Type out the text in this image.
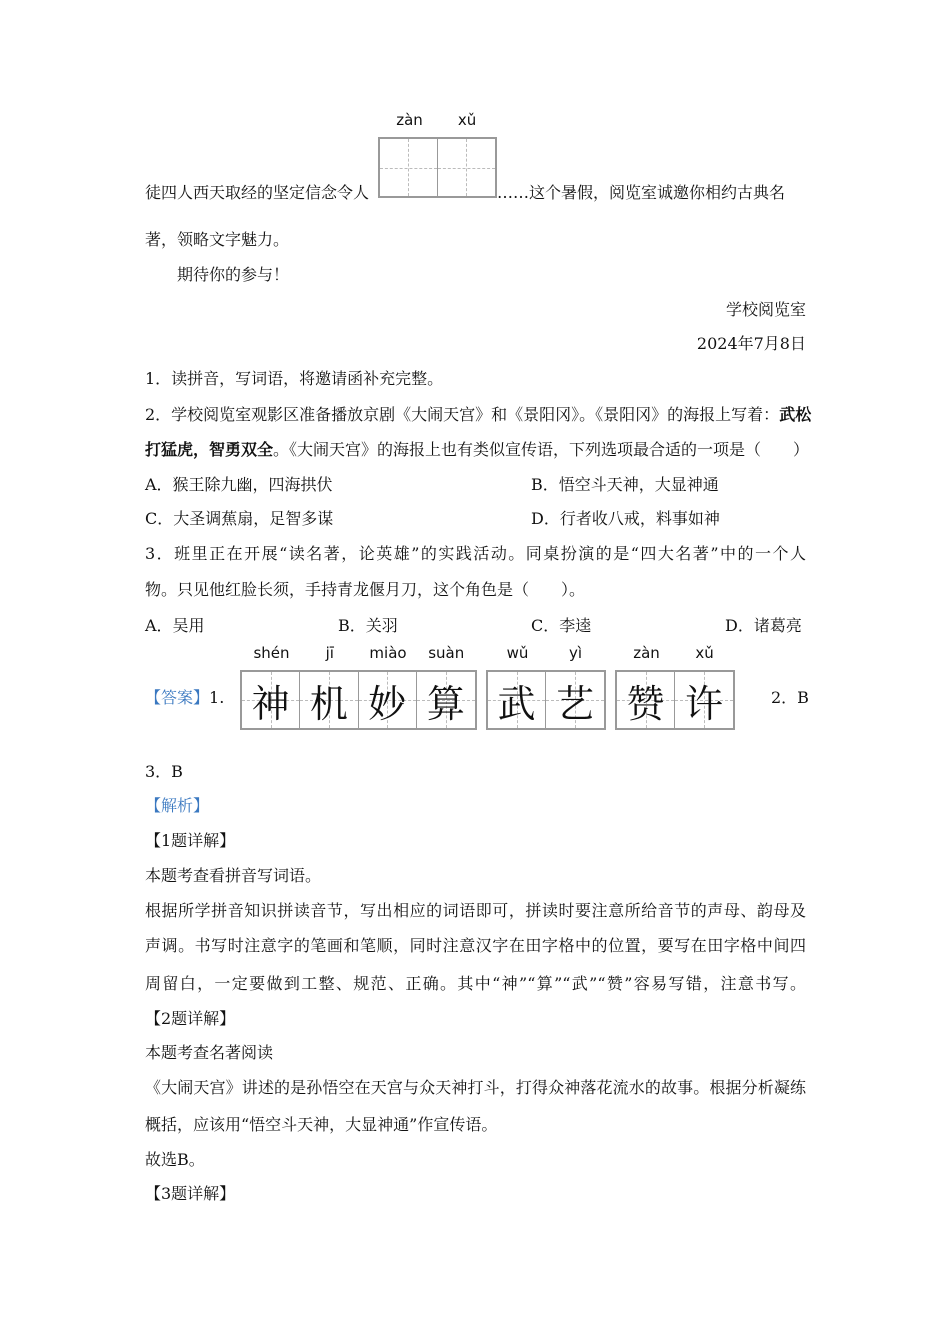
徒四人西天取经的坚定信念令人
zàn	xǔ
……这个暑假，阅览室诚邀你相约古典名
著，领略文字魅力。
期待你的参与！
学校阅览室
2024年7月8日
1．读拼音，写词语，将邀请函补充完整。
2．学校阅览室观影区准备播放京剧《大闹天宫》和《景阳冈》。《景阳冈》的海报上写着：武松
打猛虎，智勇双全。《大闹天宫》的海报上也有类似宣传语，下列选项最合适的一项是（　　）
A．猴王除九幽，四海拱伏	B．悟空斗天神，大显神通
C．大圣调蕉扇，足智多谋	D．行者收八戒，料事如神
3．班里正在开展“读名著，论英雄”的实践活动。同桌扮演的是“四大名著”中的一个人
物。只见他红脸长须，手持青龙偃月刀，这个角色是（　　）。
A．吴用	B．关羽	C．李逵	D．诸葛亮
【答案】1.
shén
神
jī
机
miào
妙
suàn
算
wǔ
武
yì
艺
zàn
赞
xǔ
许	2．B
3．B
【解析】
【1题详解】
本题考查看拼音写词语。
根据所学拼音知识拼读音节，写出相应的词语即可，拼读时要注意所给音节的声母、韵母及
声调。书写时注意字的笔画和笔顺，同时注意汉字在田字格中的位置，要写在田字格中间四
周留白，一定要做到工整、规范、正确。其中“神”“算”“武”“赞”容易写错，注意书写。
【2题详解】
本题考查名著阅读
《大闹天宫》讲述的是孙悟空在天宫与众天神打斗，打得众神落花流水的故事。根据分析凝练
概括，应该用“悟空斗天神，大显神通”作宣传语。
故选B。
【3题详解】
